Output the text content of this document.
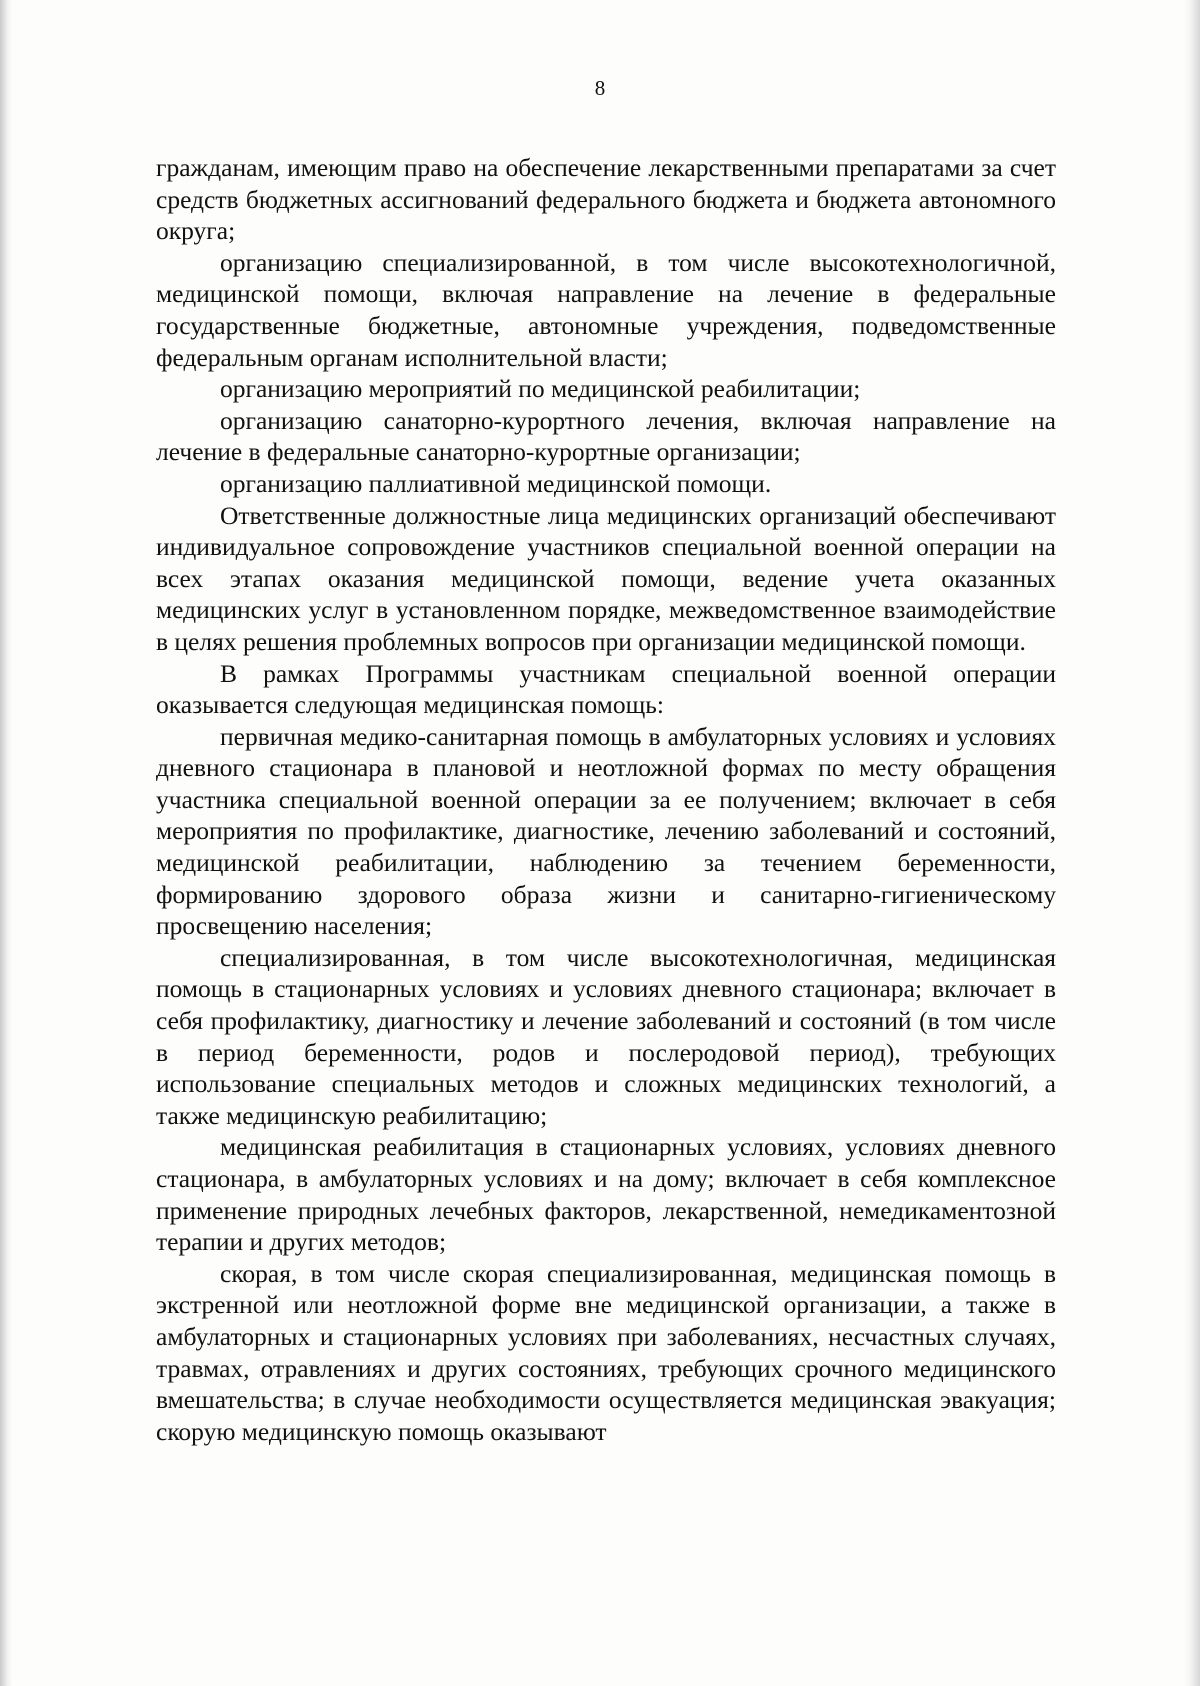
8

гражданам, имеющим право на обеспечение лекарственными препаратами за счет средств бюджетных ассигнований федерального бюджета и бюджета автономного округа;

организацию специализированной, в том числе высокотехнологичной, медицинской помощи, включая направление на лечение в федеральные государственные бюджетные, автономные учреждения, подведомственные федеральным органам исполнительной власти;

организацию мероприятий по медицинской реабилитации;

организацию санаторно-курортного лечения, включая направление на лечение в федеральные санаторно-курортные организации;

организацию паллиативной медицинской помощи.

Ответственные должностные лица медицинских организаций обеспечивают индивидуальное сопровождение участников специальной военной операции на всех этапах оказания медицинской помощи, ведение учета оказанных медицинских услуг в установленном порядке, межведомственное взаимодействие в целях решения проблемных вопросов при организации медицинской помощи.

В рамках Программы участникам специальной военной операции оказывается следующая медицинская помощь:

первичная медико-санитарная помощь в амбулаторных условиях и условиях дневного стационара в плановой и неотложной формах по месту обращения участника специальной военной операции за ее получением; включает в себя мероприятия по профилактике, диагностике, лечению заболеваний и состояний, медицинской реабилитации, наблюдению за течением беременности, формированию здорового образа жизни и санитарно-гигиеническому просвещению населения;

специализированная, в том числе высокотехнологичная, медицинская помощь в стационарных условиях и условиях дневного стационара; включает в себя профилактику, диагностику и лечение заболеваний и состояний (в том числе в период беременности, родов и послеродовой период), требующих использование специальных методов и сложных медицинских технологий, а также медицинскую реабилитацию;

медицинская реабилитация в стационарных условиях, условиях дневного стационара, в амбулаторных условиях и на дому; включает в себя комплексное применение природных лечебных факторов, лекарственной, немедикаментозной терапии и других методов;

скорая, в том числе скорая специализированная, медицинская помощь в экстренной или неотложной форме вне медицинской организации, а также в амбулаторных и стационарных условиях при заболеваниях, несчастных случаях, травмах, отравлениях и других состояниях, требующих срочного медицинского вмешательства; в случае необходимости осуществляется медицинская эвакуация; скорую медицинскую помощь оказывают
